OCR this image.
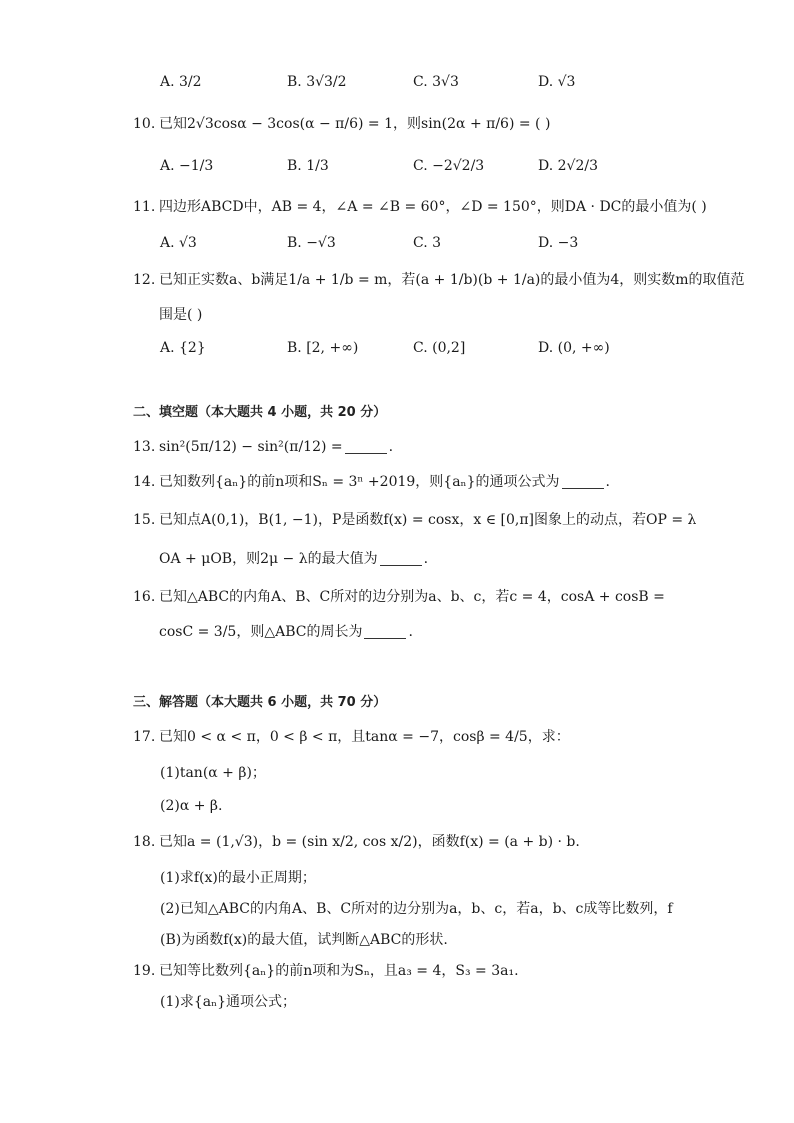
A. 3/2	B. 3√3/2	C. 3√3	D. √3
10. 已知2√3cosα − 3cos(α − π/6) = 1，则sin(2α + π/6) = ( )
A. −1/3	B. 1/3	C. −2√2/3	D. 2√2/3
11. 四边形ABCD中，AB = 4，∠A = ∠B = 60°，∠D = 150°，则DA · DC的最小值为( )
A. √3	B. −√3	C. 3	D. −3
12. 已知正实数a、b满足1/a + 1/b = m，若(a + 1/b)(b + 1/a)的最小值为4，则实数m的取值范
围是( )
A. {2}	B. [2, +∞)	C. (0,2]	D. (0, +∞)
二、填空题（本大题共 4 小题，共 20 分）
13. sin²(5π/12) − sin²(π/12) =	.
14. 已知数列{aₙ}的前n项和Sₙ = 3ⁿ +2019，则{aₙ}的通项公式为	.
15. 已知点A(0,1)，B(1, −1)，P是函数f(x) = cosx，x ∈ [0,π]图象上的动点，若OP = λ
OA + μOB，则2μ − λ的最大值为	.
16. 已知△ABC的内角A、B、C所对的边分别为a、b、c，若c = 4，cosA + cosB =
cosC = 3/5，则△ABC的周长为	.
三、解答题（本大题共 6 小题，共 70 分）
17. 已知0 < α < π，0 < β < π，且tanα = −7，cosβ = 4/5，求：
(1)tan(α + β)；
(2)α + β.
18. 已知a = (1,√3)，b = (sin x/2, cos x/2)，函数f(x) = (a + b) · b.
(1)求f(x)的最小正周期；
(2)已知△ABC的内角A、B、C所对的边分别为a，b、c，若a，b、c成等比数列，f
(B)为函数f(x)的最大值，试判断△ABC的形状.
19. 已知等比数列{aₙ}的前n项和为Sₙ，且a₃ = 4，S₃ = 3a₁.
(1)求{aₙ}通项公式；
